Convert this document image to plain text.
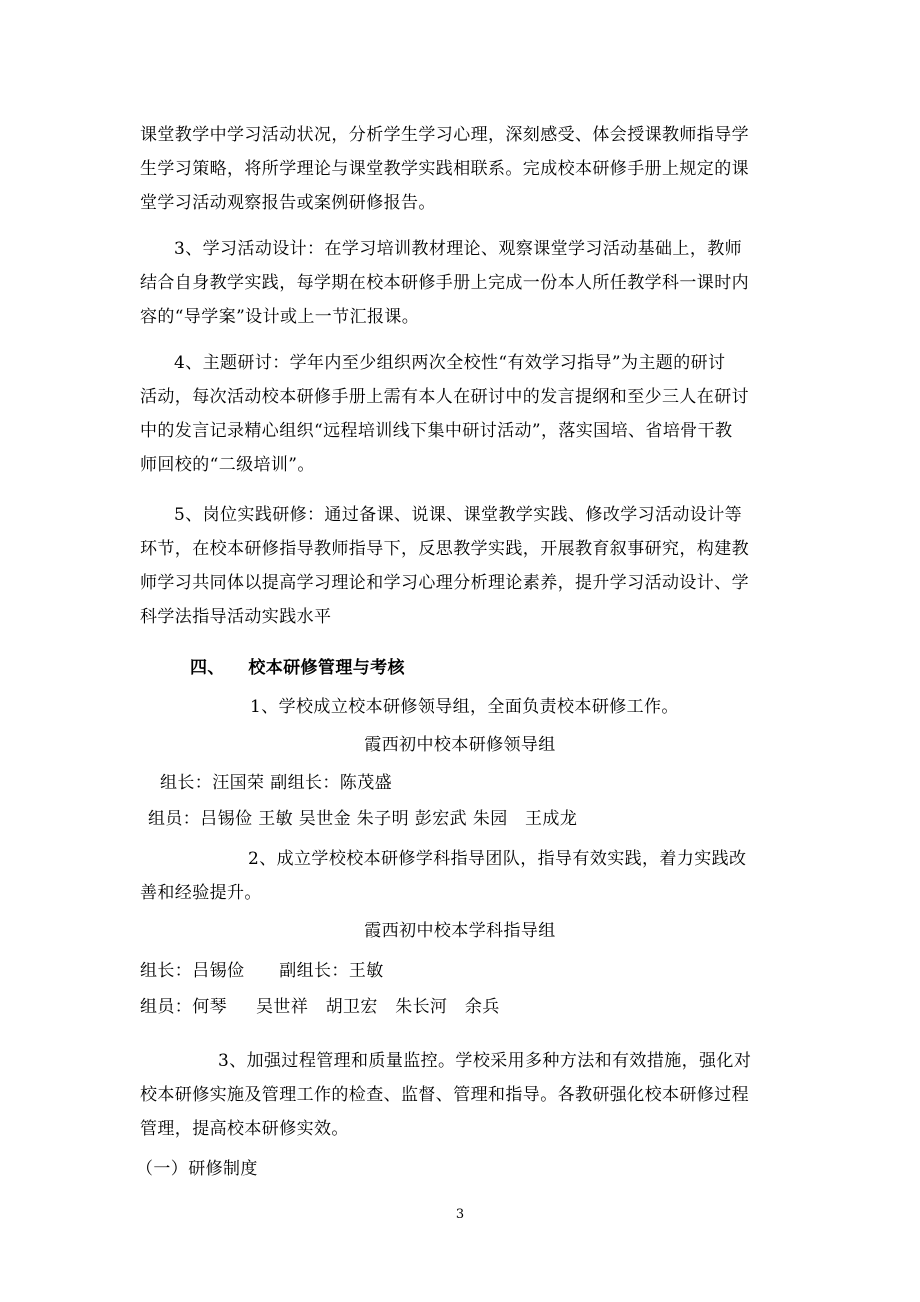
课堂教学中学习活动状况，分析学生学习心理，深刻感受、体会授课教师指导学
生学习策略，将所学理论与课堂教学实践相联系。完成校本研修手册上规定的课
堂学习活动观察报告或案例研修报告。

3、学习活动设计：在学习培训教材理论、观察课堂学习活动基础上，教师
结合自身教学实践，每学期在校本研修手册上完成一份本人所任教学科一课时内
容的“导学案”设计或上一节汇报课。

4、主题研讨：学年内至少组织两次全校性“有效学习指导”为主题的研讨
活动，每次活动校本研修手册上需有本人在研讨中的发言提纲和至少三人在研讨
中的发言记录精心组织“远程培训线下集中研讨活动”，落实国培、省培骨干教
师回校的“二级培训”。

5、岗位实践研修：通过备课、说课、课堂教学实践、修改学习活动设计等
环节，在校本研修指导教师指导下，反思教学实践，开展教育叙事研究，构建教
师学习共同体以提高学习理论和学习心理分析理论素养，提升学习活动设计、学
科学法指导活动实践水平

四、 校本研修管理与考核

1、学校成立校本研修领导组，全面负责校本研修工作。

霞西初中校本研修领导组

组长：汪国荣 副组长：陈茂盛

组员：吕锡俭 王敏 吴世金 朱子明 彭宏武 朱园   王成龙

2、成立学校校本研修学科指导团队，指导有效实践，着力实践改
善和经验提升。

霞西初中校本学科指导组

组长：吕锡俭      副组长：王敏

组员：何琴     吴世祥   胡卫宏   朱长河   余兵

3、加强过程管理和质量监控。学校采用多种方法和有效措施，强化对
校本研修实施及管理工作的检查、监督、管理和指导。各教研强化校本研修过程
管理，提高校本研修实效。

（一）研修制度

3
